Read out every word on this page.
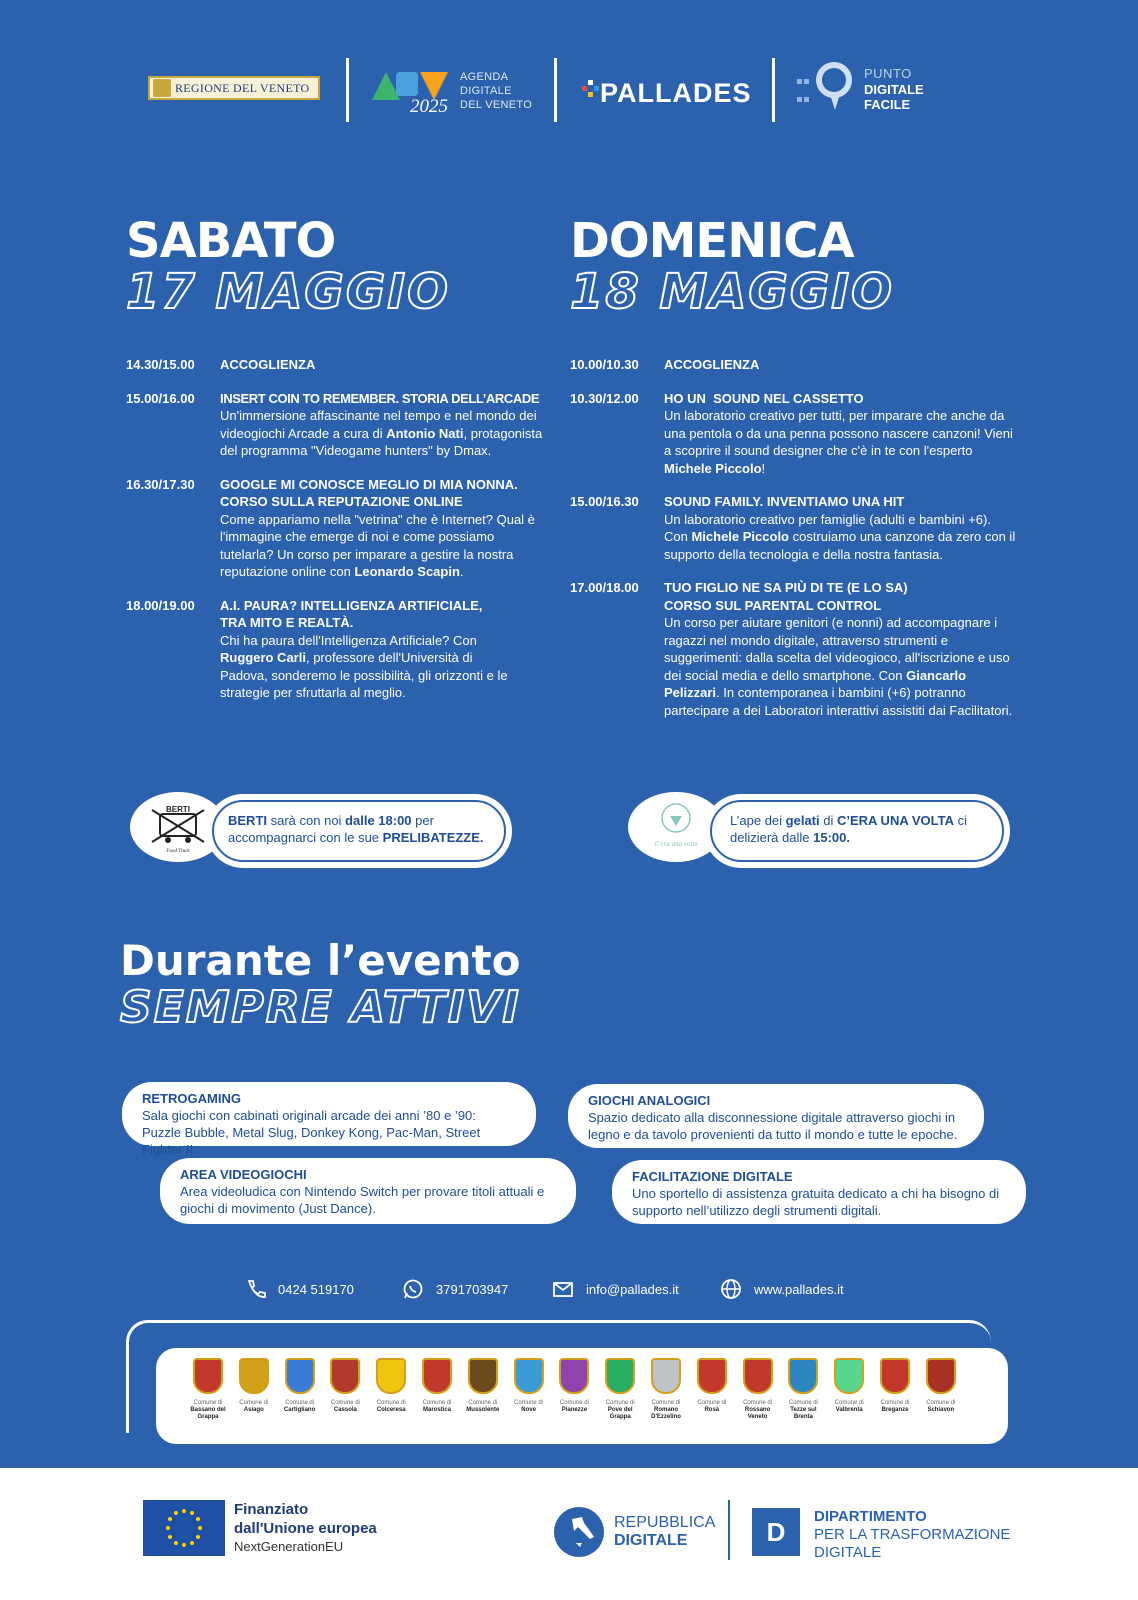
REGIONE DEL VENETO
2025
AGENDA
DIGITALE
DEL VENETO	PALLADES

PUNTO
DIGITALE
FACILE
SABATO
17 MAGGIO
DOMENICA
18 MAGGIO
14.30/15.00 ACCOGLIENZA
15.00/16.00 INSERT COIN TO REMEMBER. STORIA DELL’ARCADE
Un'immersione affascinante nel tempo e nel mondo dei videogiochi Arcade a cura di Antonio Nati, protagonista del programma "Videogame hunters" by Dmax.
16.30/17.30 GOOGLE MI CONOSCE MEGLIO DI MIA NONNA. CORSO SULLA REPUTAZIONE ONLINE
Come appariamo nella "vetrina" che è Internet? Qual è l'immagine che emerge di noi e come possiamo tutelarla? Un corso per imparare a gestire la nostra reputazione online con Leonardo Scapin.
18.00/19.00 A.I. PAURA? INTELLIGENZA ARTIFICIALE, TRA MITO E REALTÀ.
Chi ha paura dell'Intelligenza Artificiale? Con Ruggero Carli, professore dell'Università di Padova, sonderemo le possibilità, gli orizzonti e le strategie per sfruttarla al meglio.
10.00/10.30 ACCOGLIENZA
10.30/12.00 HO UN  SOUND NEL CASSETTO
Un laboratorio creativo per tutti, per imparare che anche da una pentola o da una penna possono nascere canzoni! Vieni a scoprire il sound designer che c'è in te con l'esperto Michele Piccolo!
15.00/16.30 SOUND FAMILY. INVENTIAMO UNA HIT
Un laboratorio creativo per famiglie (adulti e bambini +6). Con Michele Piccolo costruiamo una canzone da zero con il supporto della tecnologia e della nostra fantasia.
17.00/18.00 TUO FIGLIO NE SA PIÙ DI TE (E LO SA) CORSO SUL PARENTAL CONTROL
Un corso per aiutare genitori (e nonni) ad accompagnare i ragazzi nel mondo digitale, attraverso strumenti e suggerimenti: dalla scelta del videogioco, all'iscrizione e uso dei social media e dello smartphone. Con Giancarlo Pelizzari. In contemporanea i bambini (+6) potranno partecipare a dei Laboratori interattivi assistiti dai Facilitatori.
BERTI
Food Truck
BERTI sarà con noi dalle 18:00 per accompagnarci con le sue PRELIBATEZZE.	C'era una volta
L’ape dei gelati di C’ERA UNA VOLTA ci delizierà dalle 15:00.
Durante l’evento
SEMPRE ATTIVI
RETROGAMING
Sala giochi con cabinati originali arcade dei anni ’80 e ’90: Puzzle Bubble, Metal Slug, Donkey Kong, Pac-Man, Street Fighter II.
GIOCHI ANALOGICI
Spazio dedicato alla disconnessione digitale attraverso giochi in legno e da tavolo provenienti da tutto il mondo e tutte le epoche.
AREA VIDEOGIOCHI
Area videoludica con Nintendo Switch per provare titoli attuali e giochi di movimento (Just Dance).
FACILITAZIONE DIGITALE
Uno sportello di assistenza gratuita dedicato a chi ha bisogno di supporto nell’utilizzo degli strumenti digitali.
0424 519170	3791703947	info@pallades.it	www.pallades.it
Comune di
Bassano del Grappa
Comune di
Asiago
Comune di
Cartigliano
Comune di
Cassola
Comune di
Colceresa
Comune di
Marostica
Comune di
Mussolente
Comune di
Nove
Comune di
Pianezze
Comune di
Pove del Grappa
Comune di
Romano D'Ezzelino
Comune di
Rosà
Comune di
Rossano Veneto
Comune di
Tezze sul Brenta
Comune di
Valbrenta
Comune di
Breganze
Comune di
Schiavon
Finanziato
dall'Unione europea
NextGenerationEU
REPUBBLICA
DIGITALE	D
DIPARTIMENTO
PER LA TRASFORMAZIONE
DIGITALE
